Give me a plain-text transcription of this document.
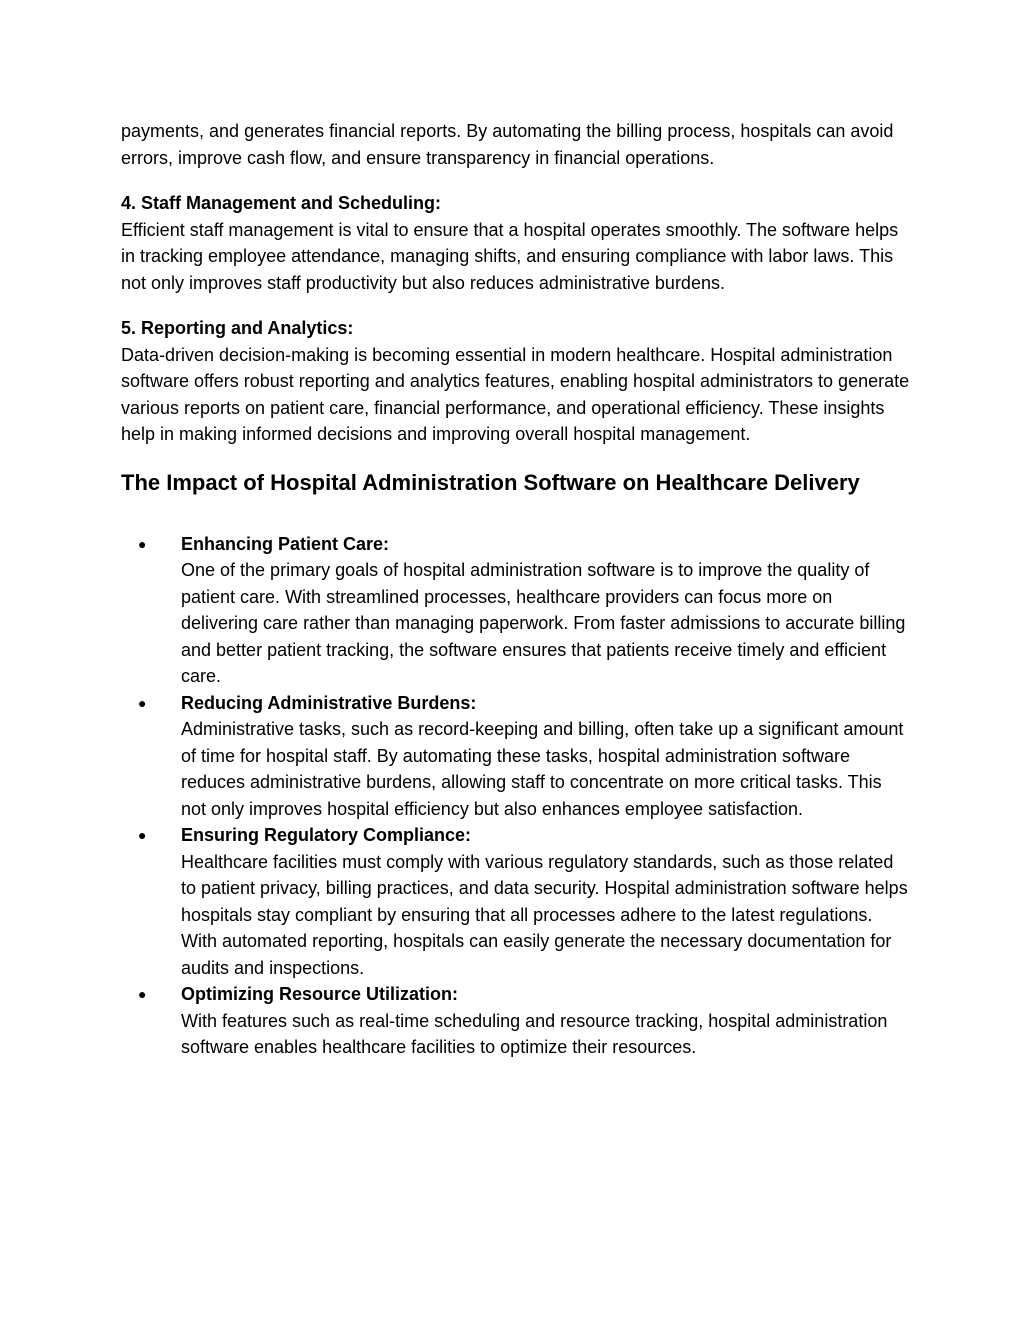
payments, and generates financial reports. By automating the billing process, hospitals can avoid errors, improve cash flow, and ensure transparency in financial operations.

4. Staff Management and Scheduling:

Efficient staff management is vital to ensure that a hospital operates smoothly. The software helps in tracking employee attendance, managing shifts, and ensuring compliance with labor laws. This not only improves staff productivity but also reduces administrative burdens.

5. Reporting and Analytics:

Data-driven decision-making is becoming essential in modern healthcare. Hospital administration software offers robust reporting and analytics features, enabling hospital administrators to generate various reports on patient care, financial performance, and operational efficiency. These insights help in making informed decisions and improving overall hospital management.

The Impact of Hospital Administration Software on Healthcare Delivery
● Enhancing Patient Care:
One of the primary goals of hospital administration software is to improve the quality of patient care. With streamlined processes, healthcare providers can focus more on delivering care rather than managing paperwork. From faster admissions to accurate billing and better patient tracking, the software ensures that patients receive timely and efficient care.
● Reducing Administrative Burdens:
Administrative tasks, such as record-keeping and billing, often take up a significant amount of time for hospital staff. By automating these tasks, hospital administration software reduces administrative burdens, allowing staff to concentrate on more critical tasks. This not only improves hospital efficiency but also enhances employee satisfaction.
● Ensuring Regulatory Compliance:
Healthcare facilities must comply with various regulatory standards, such as those related to patient privacy, billing practices, and data security. Hospital administration software helps hospitals stay compliant by ensuring that all processes adhere to the latest regulations. With automated reporting, hospitals can easily generate the necessary documentation for audits and inspections.
● Optimizing Resource Utilization:
With features such as real-time scheduling and resource tracking, hospital administration software enables healthcare facilities to optimize their resources.
